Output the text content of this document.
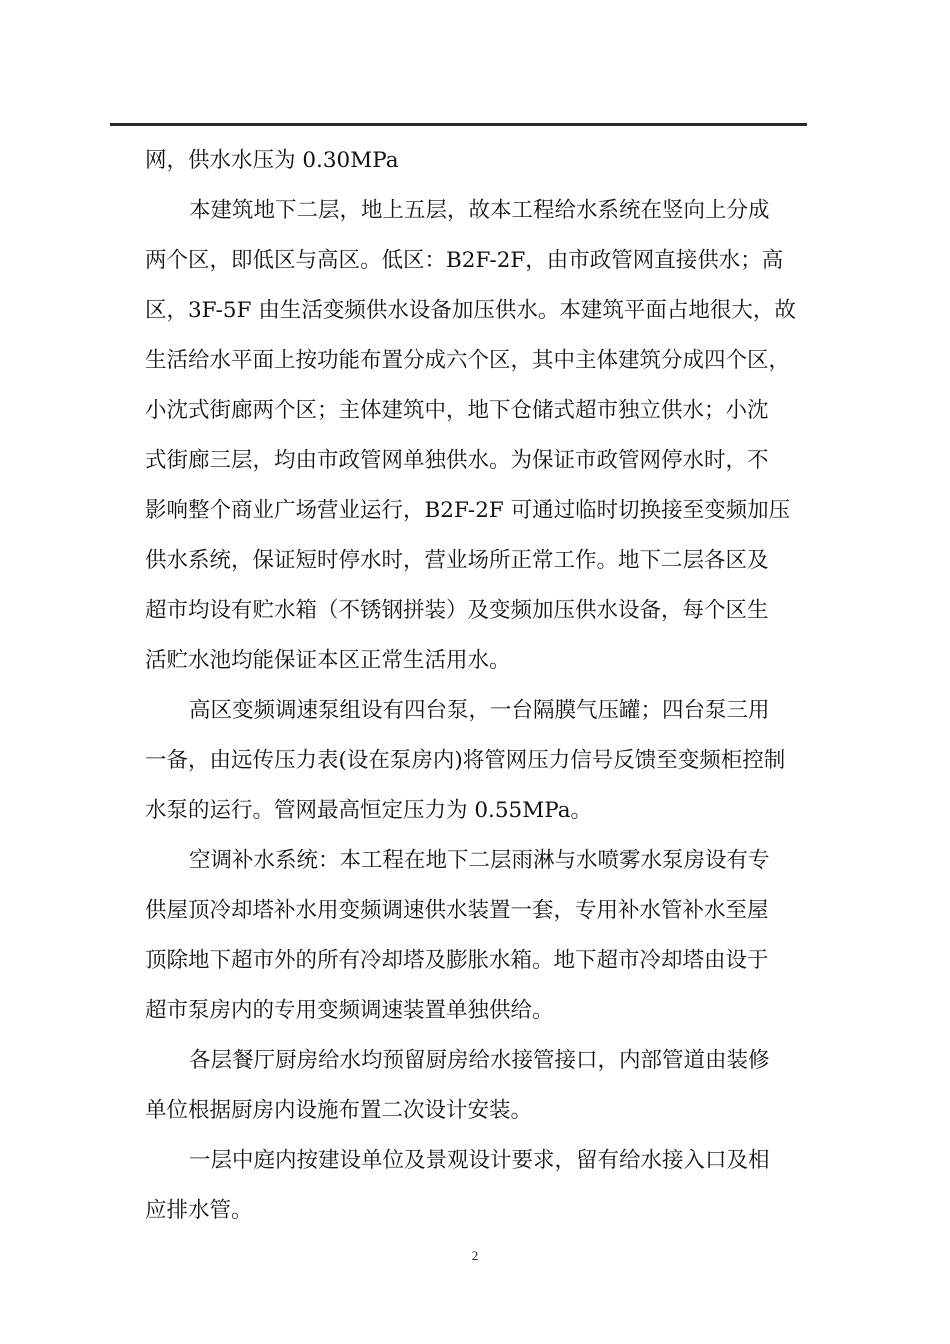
网，供水水压为 0.30MPa
本建筑地下二层，地上五层，故本工程给水系统在竖向上分成
两个区，即低区与高区。低区：B2F-2F，由市政管网直接供水；高
区，3F-5F 由生活变频供水设备加压供水。本建筑平面占地很大，故
生活给水平面上按功能布置分成六个区，其中主体建筑分成四个区，
小沈式街廊两个区；主体建筑中，地下仓储式超市独立供水；小沈
式街廊三层，均由市政管网单独供水。为保证市政管网停水时，不
影响整个商业广场营业运行，B2F-2F 可通过临时切换接至变频加压
供水系统，保证短时停水时，营业场所正常工作。地下二层各区及
超市均设有贮水箱（不锈钢拼装）及变频加压供水设备，每个区生
活贮水池均能保证本区正常生活用水。
高区变频调速泵组设有四台泵，一台隔膜气压罐；四台泵三用
一备，由远传压力表(设在泵房内)将管网压力信号反馈至变频柜控制
水泵的运行。管网最高恒定压力为 0.55MPa。
空调补水系统：本工程在地下二层雨淋与水喷雾水泵房设有专
供屋顶冷却塔补水用变频调速供水装置一套，专用补水管补水至屋
顶除地下超市外的所有冷却塔及膨胀水箱。地下超市冷却塔由设于
超市泵房内的专用变频调速装置单独供给。
各层餐厅厨房给水均预留厨房给水接管接口，内部管道由装修
单位根据厨房内设施布置二次设计安装。
一层中庭内按建设单位及景观设计要求，留有给水接入口及相
应排水管。
2
